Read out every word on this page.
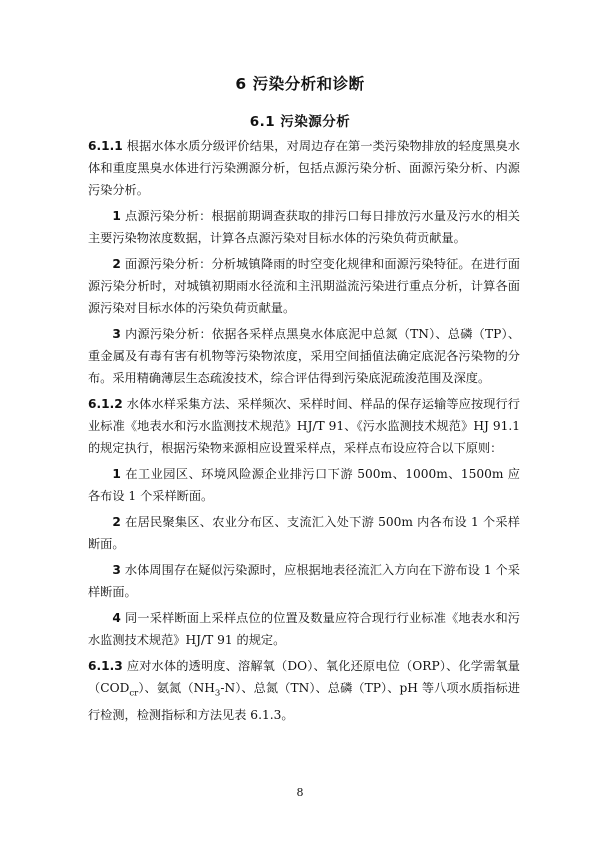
6 污染分析和诊断
6.1 污染源分析

6.1.1 根据水体水质分级评价结果，对周边存在第一类污染物排放的轻度黑臭水体和重度黑臭水体进行污染溯源分析，包括点源污染分析、面源污染分析、内源污染分析。

1 点源污染分析：根据前期调查获取的排污口每日排放污水量及污水的相关主要污染物浓度数据，计算各点源污染对目标水体的污染负荷贡献量。

2 面源污染分析：分析城镇降雨的时空变化规律和面源污染特征。在进行面源污染分析时，对城镇初期雨水径流和主汛期溢流污染进行重点分析，计算各面源污染对目标水体的污染负荷贡献量。

3 内源污染分析：依据各采样点黑臭水体底泥中总氮（TN）、总磷（TP）、重金属及有毒有害有机物等污染物浓度，采用空间插值法确定底泥各污染物的分布。采用精确薄层生态疏浚技术，综合评估得到污染底泥疏浚范围及深度。

6.1.2 水体水样采集方法、采样频次、采样时间、样品的保存运输等应按现行行业标准《地表水和污水监测技术规范》HJ/T 91、《污水监测技术规范》HJ 91.1 的规定执行，根据污染物来源相应设置采样点，采样点布设应符合以下原则：

1 在工业园区、环境风险源企业排污口下游 500m、1000m、1500m 应各布设 1 个采样断面。

2 在居民聚集区、农业分布区、支流汇入处下游 500m 内各布设 1 个采样断面。

3 水体周围存在疑似污染源时，应根据地表径流汇入方向在下游布设 1 个采样断面。

4 同一采样断面上采样点位的位置及数量应符合现行行业标准《地表水和污水监测技术规范》HJ/T 91 的规定。

6.1.3 应对水体的透明度、溶解氧（DO）、氧化还原电位（ORP）、化学需氧量$(COD_{cr})$、氨氮$(NH_3-N)$、总氮（TN）、总磷（TP）、pH 等八项水质指标进行检测，检测指标和方法见表 6.1.3。

8
